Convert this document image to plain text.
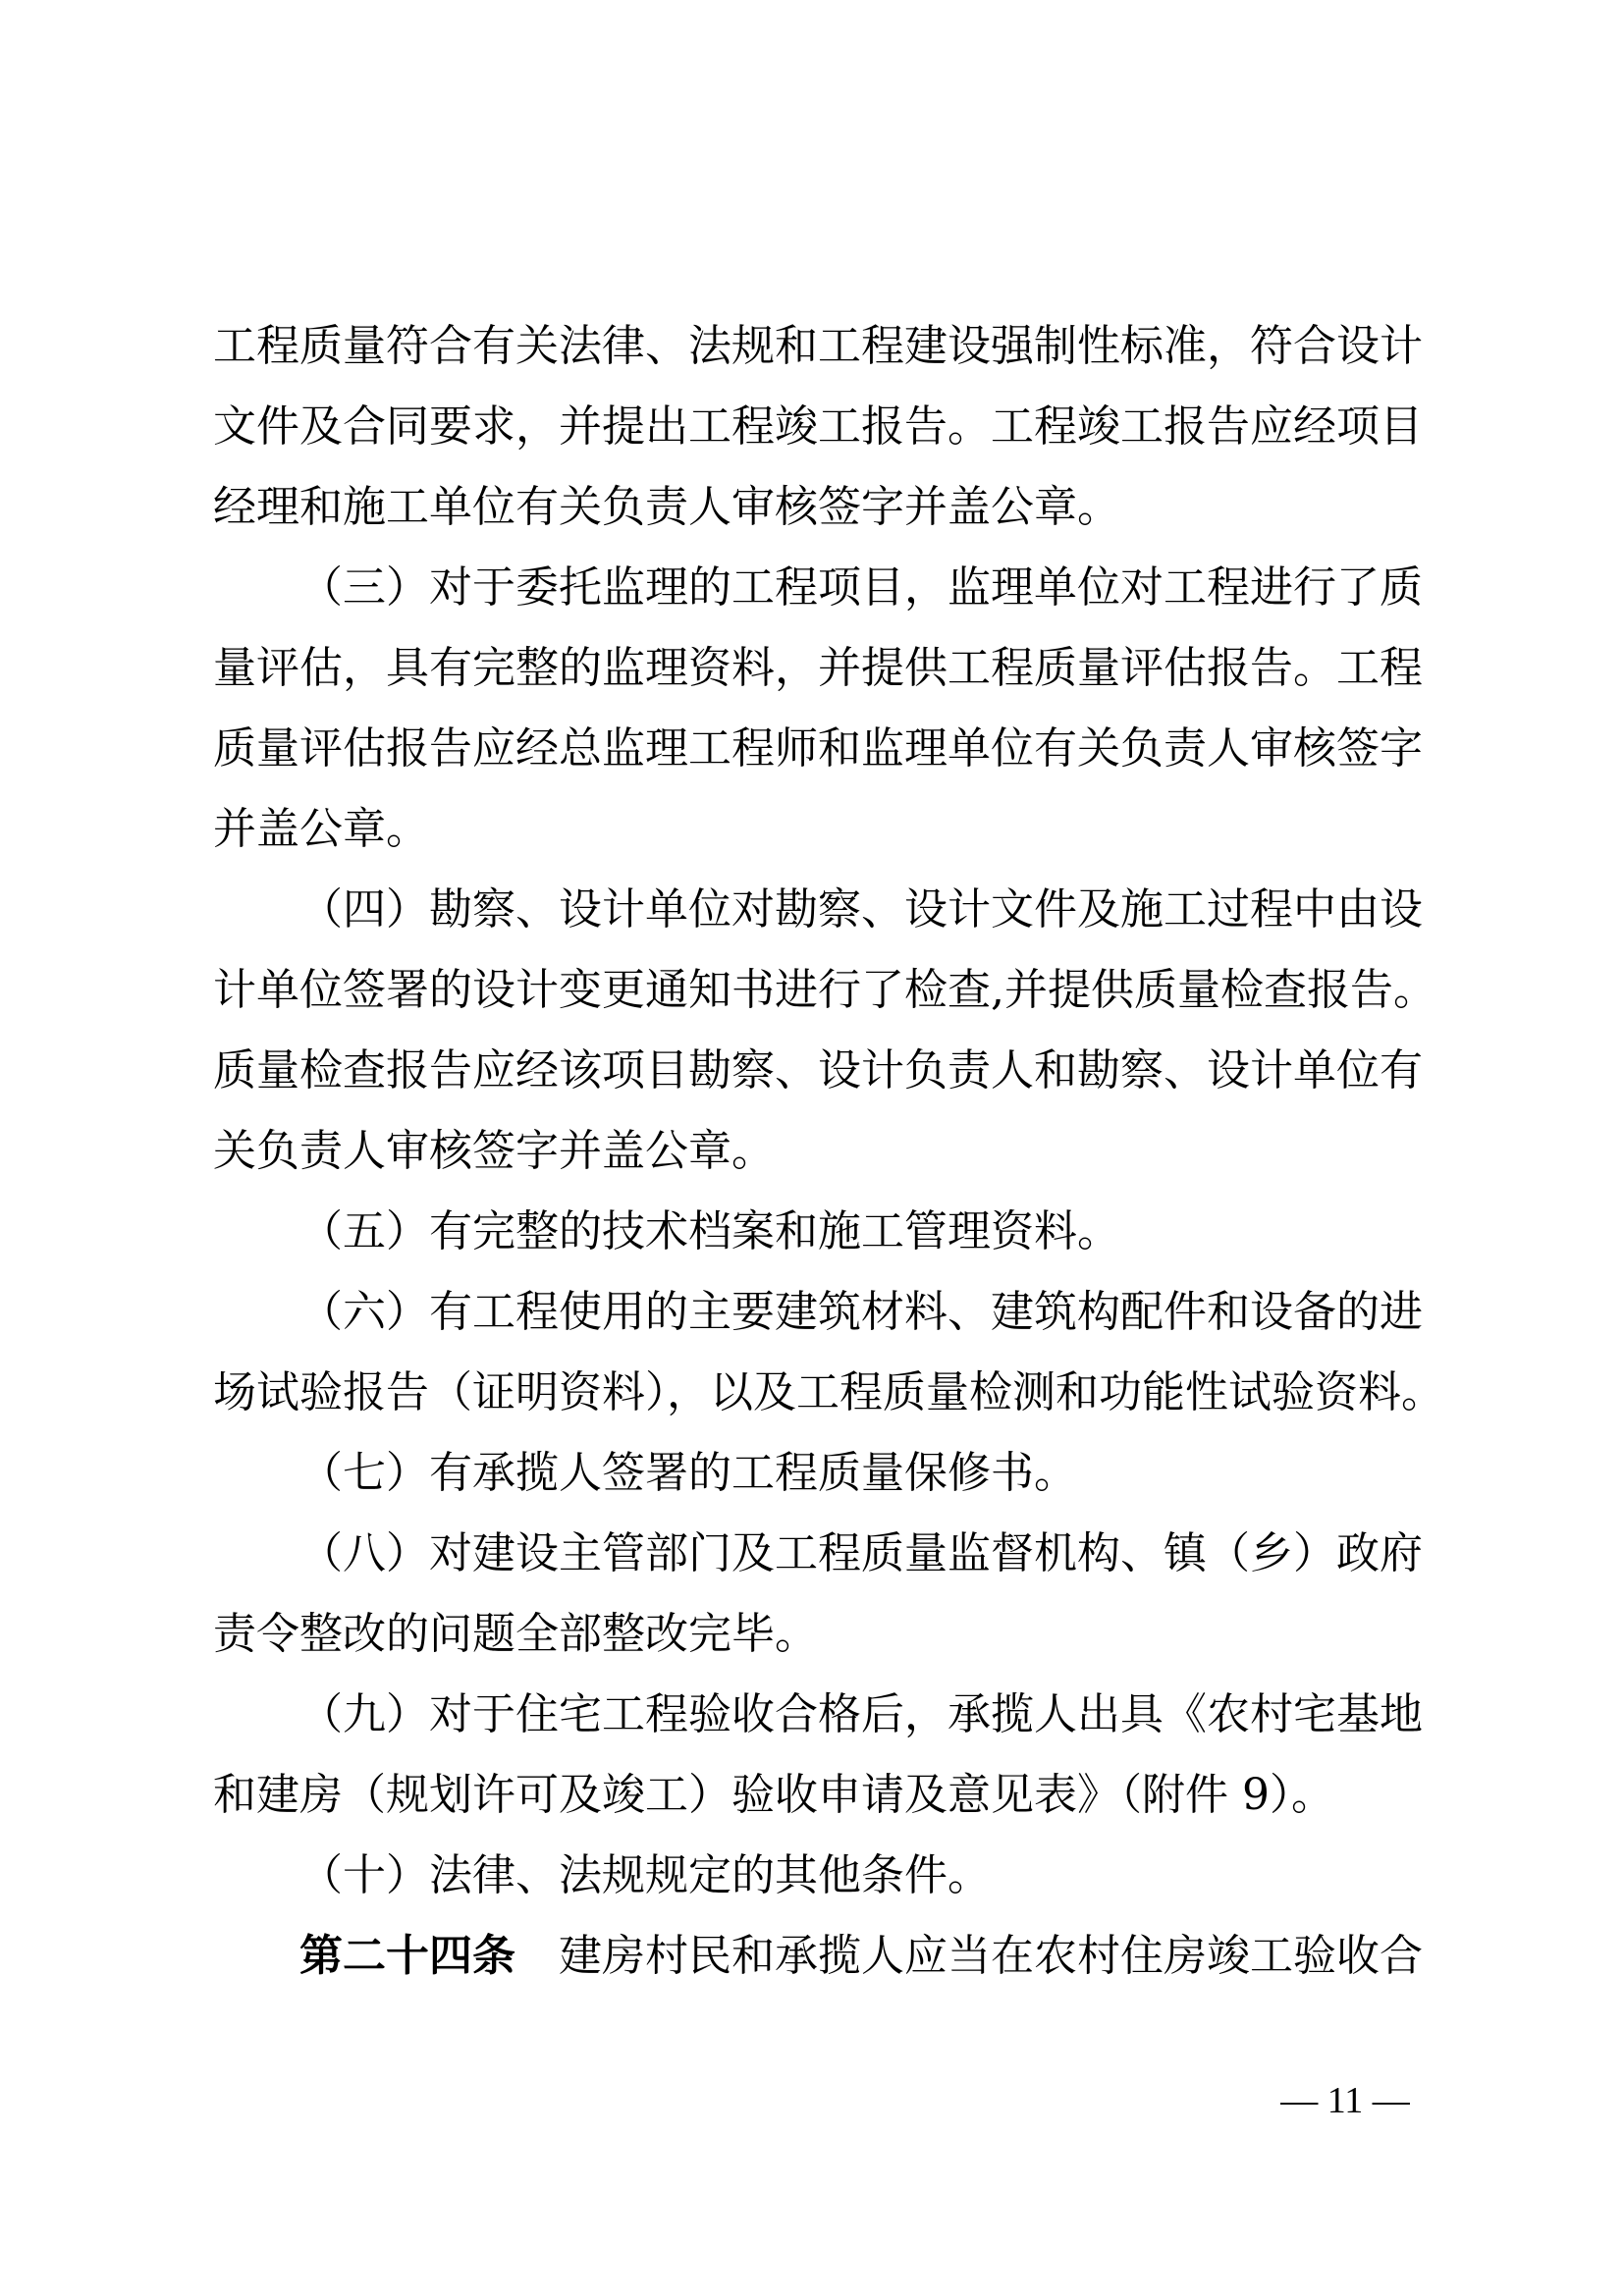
工程质量符合有关法律、法规和工程建设强制性标准，符合设计
文件及合同要求，并提出工程竣工报告。工程竣工报告应经项目
经理和施工单位有关负责人审核签字并盖公章。
（三）对于委托监理的工程项目，监理单位对工程进行了质
量评估，具有完整的监理资料，并提供工程质量评估报告。工程
质量评估报告应经总监理工程师和监理单位有关负责人审核签字
并盖公章。
（四）勘察、设计单位对勘察、设计文件及施工过程中由设
计单位签署的设计变更通知书进行了检查,并提供质量检查报告。
质量检查报告应经该项目勘察、设计负责人和勘察、设计单位有
关负责人审核签字并盖公章。
（五）有完整的技术档案和施工管理资料。
（六）有工程使用的主要建筑材料、建筑构配件和设备的进
场试验报告（证明资料），以及工程质量检测和功能性试验资料。
（七）有承揽人签署的工程质量保修书。
（八）对建设主管部门及工程质量监督机构、镇（乡）政府
责令整改的问题全部整改完毕。
（九）对于住宅工程验收合格后，承揽人出具《农村宅基地
和建房（规划许可及竣工）验收申请及意见表》（附件 9）。
（十）法律、法规规定的其他条件。
第二十四条 建房村民和承揽人应当在农村住房竣工验收合
— 11 —
